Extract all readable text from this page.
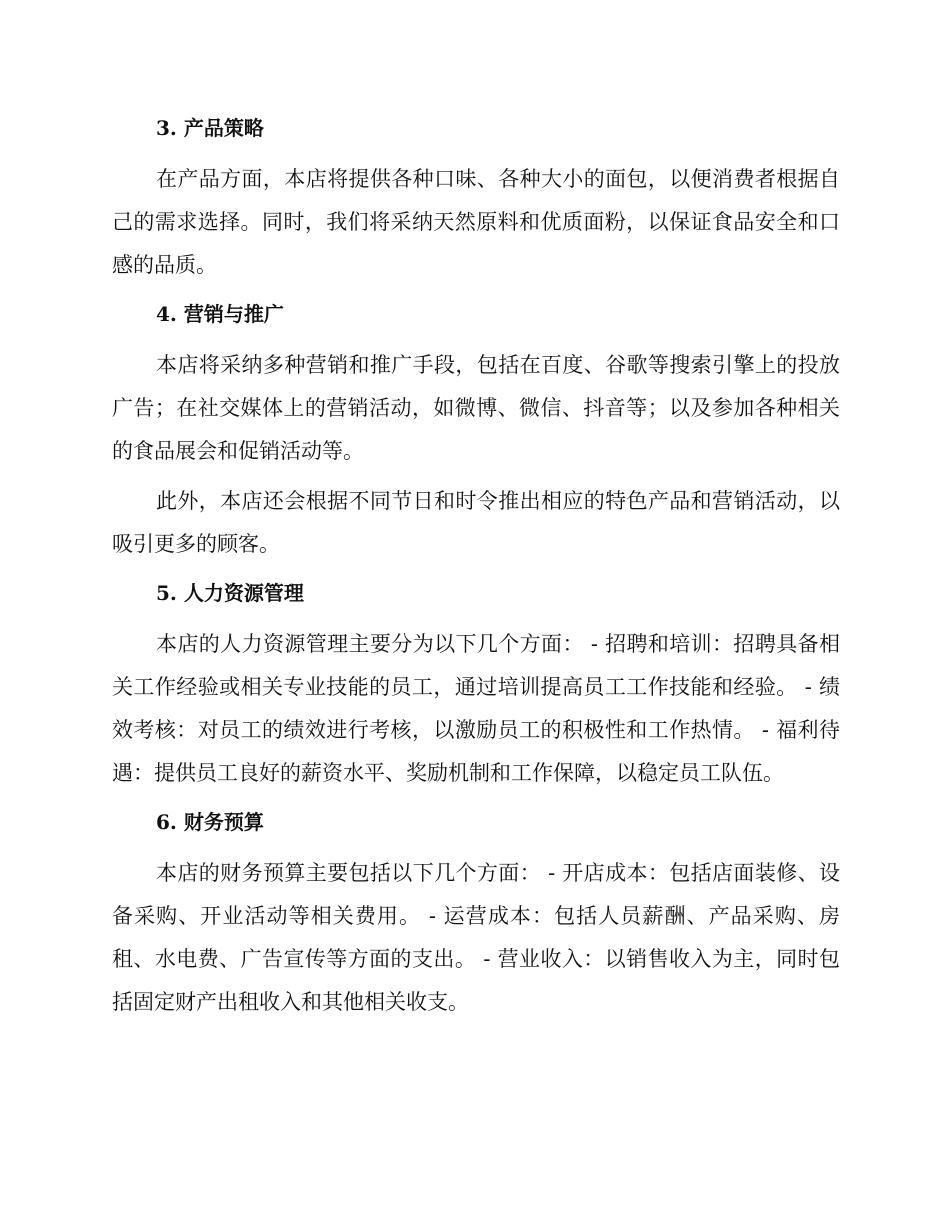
3. 产品策略

在产品方面，本店将提供各种口味、各种大小的面包，以便消费者根据自己的需求选择。同时，我们将采纳天然原料和优质面粉，以保证食品安全和口感的品质。

4. 营销与推广

本店将采纳多种营销和推广手段，包括在百度、谷歌等搜索引擎上的投放广告；在社交媒体上的营销活动，如微博、微信、抖音等；以及参加各种相关的食品展会和促销活动等。

此外，本店还会根据不同节日和时令推出相应的特色产品和营销活动，以吸引更多的顾客。

5. 人力资源管理

本店的人力资源管理主要分为以下几个方面： - 招聘和培训：招聘具备相关工作经验或相关专业技能的员工，通过培训提高员工工作技能和经验。 - 绩效考核：对员工的绩效进行考核，以激励员工的积极性和工作热情。 - 福利待遇：提供员工良好的薪资水平、奖励机制和工作保障，以稳定员工队伍。

6. 财务预算

本店的财务预算主要包括以下几个方面： - 开店成本：包括店面装修、设备采购、开业活动等相关费用。 - 运营成本：包括人员薪酬、产品采购、房租、水电费、广告宣传等方面的支出。 - 营业收入：以销售收入为主，同时包括固定财产出租收入和其他相关收支。
